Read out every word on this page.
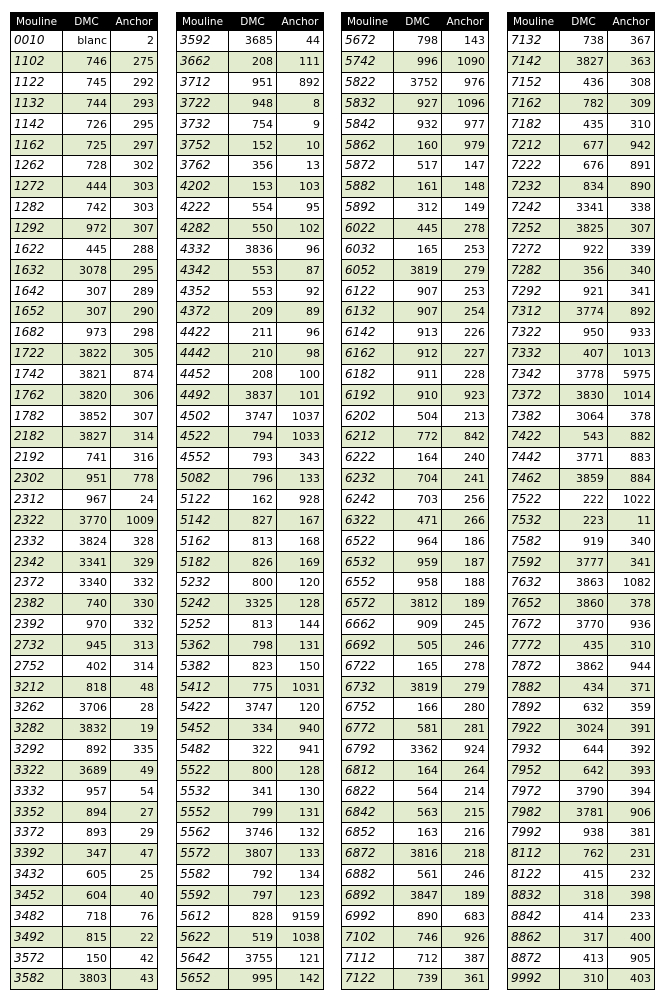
Mouline	DMC	Anchor
0010	blanc	2
1102	746	275
1122	745	292
1132	744	293
1142	726	295
1162	725	297
1262	728	302
1272	444	303
1282	742	303
1292	972	307
1622	445	288
1632	3078	295
1642	307	289
1652	307	290
1682	973	298
1722	3822	305
1742	3821	874
1762	3820	306
1782	3852	307
2182	3827	314
2192	741	316
2302	951	778
2312	967	24
2322	3770	1009
2332	3824	328
2342	3341	329
2372	3340	332
2382	740	330
2392	970	332
2732	945	313
2752	402	314
3212	818	48
3262	3706	28
3282	3832	19
3292	892	335
3322	3689	49
3332	957	54
3352	894	27
3372	893	29
3392	347	47
3432	605	25
3452	604	40
3482	718	76
3492	815	22
3572	150	42
3582	3803	43
Mouline	DMC	Anchor
3592	3685	44
3662	208	111
3712	951	892
3722	948	8
3732	754	9
3752	152	10
3762	356	13
4202	153	103
4222	554	95
4282	550	102
4332	3836	96
4342	553	87
4352	553	92
4372	209	89
4422	211	96
4442	210	98
4452	208	100
4492	3837	101
4502	3747	1037
4522	794	1033
4552	793	343
5082	796	133
5122	162	928
5142	827	167
5162	813	168
5182	826	169
5232	800	120
5242	3325	128
5252	813	144
5362	798	131
5382	823	150
5412	775	1031
5422	3747	120
5452	334	940
5482	322	941
5522	800	128
5532	341	130
5552	799	131
5562	3746	132
5572	3807	133
5582	792	134
5592	797	123
5612	828	9159
5622	519	1038
5642	3755	121
5652	995	142
Mouline	DMC	Anchor
5672	798	143
5742	996	1090
5822	3752	976
5832	927	1096
5842	932	977
5862	160	979
5872	517	147
5882	161	148
5892	312	149
6022	445	278
6032	165	253
6052	3819	279
6122	907	253
6132	907	254
6142	913	226
6162	912	227
6182	911	228
6192	910	923
6202	504	213
6212	772	842
6222	164	240
6232	704	241
6242	703	256
6322	471	266
6522	964	186
6532	959	187
6552	958	188
6572	3812	189
6662	909	245
6692	505	246
6722	165	278
6732	3819	279
6752	166	280
6772	581	281
6792	3362	924
6812	164	264
6822	564	214
6842	563	215
6852	163	216
6872	3816	218
6882	561	246
6892	3847	189
6992	890	683
7102	746	926
7112	712	387
7122	739	361
Mouline	DMC	Anchor
7132	738	367
7142	3827	363
7152	436	308
7162	782	309
7182	435	310
7212	677	942
7222	676	891
7232	834	890
7242	3341	338
7252	3825	307
7272	922	339
7282	356	340
7292	921	341
7312	3774	892
7322	950	933
7332	407	1013
7342	3778	5975
7372	3830	1014
7382	3064	378
7422	543	882
7442	3771	883
7462	3859	884
7522	222	1022
7532	223	11
7582	919	340
7592	3777	341
7632	3863	1082
7652	3860	378
7672	3770	936
7772	435	310
7872	3862	944
7882	434	371
7892	632	359
7922	3024	391
7932	644	392
7952	642	393
7972	3790	394
7982	3781	906
7992	938	381
8112	762	231
8122	415	232
8832	318	398
8842	414	233
8862	317	400
8872	413	905
9992	310	403
